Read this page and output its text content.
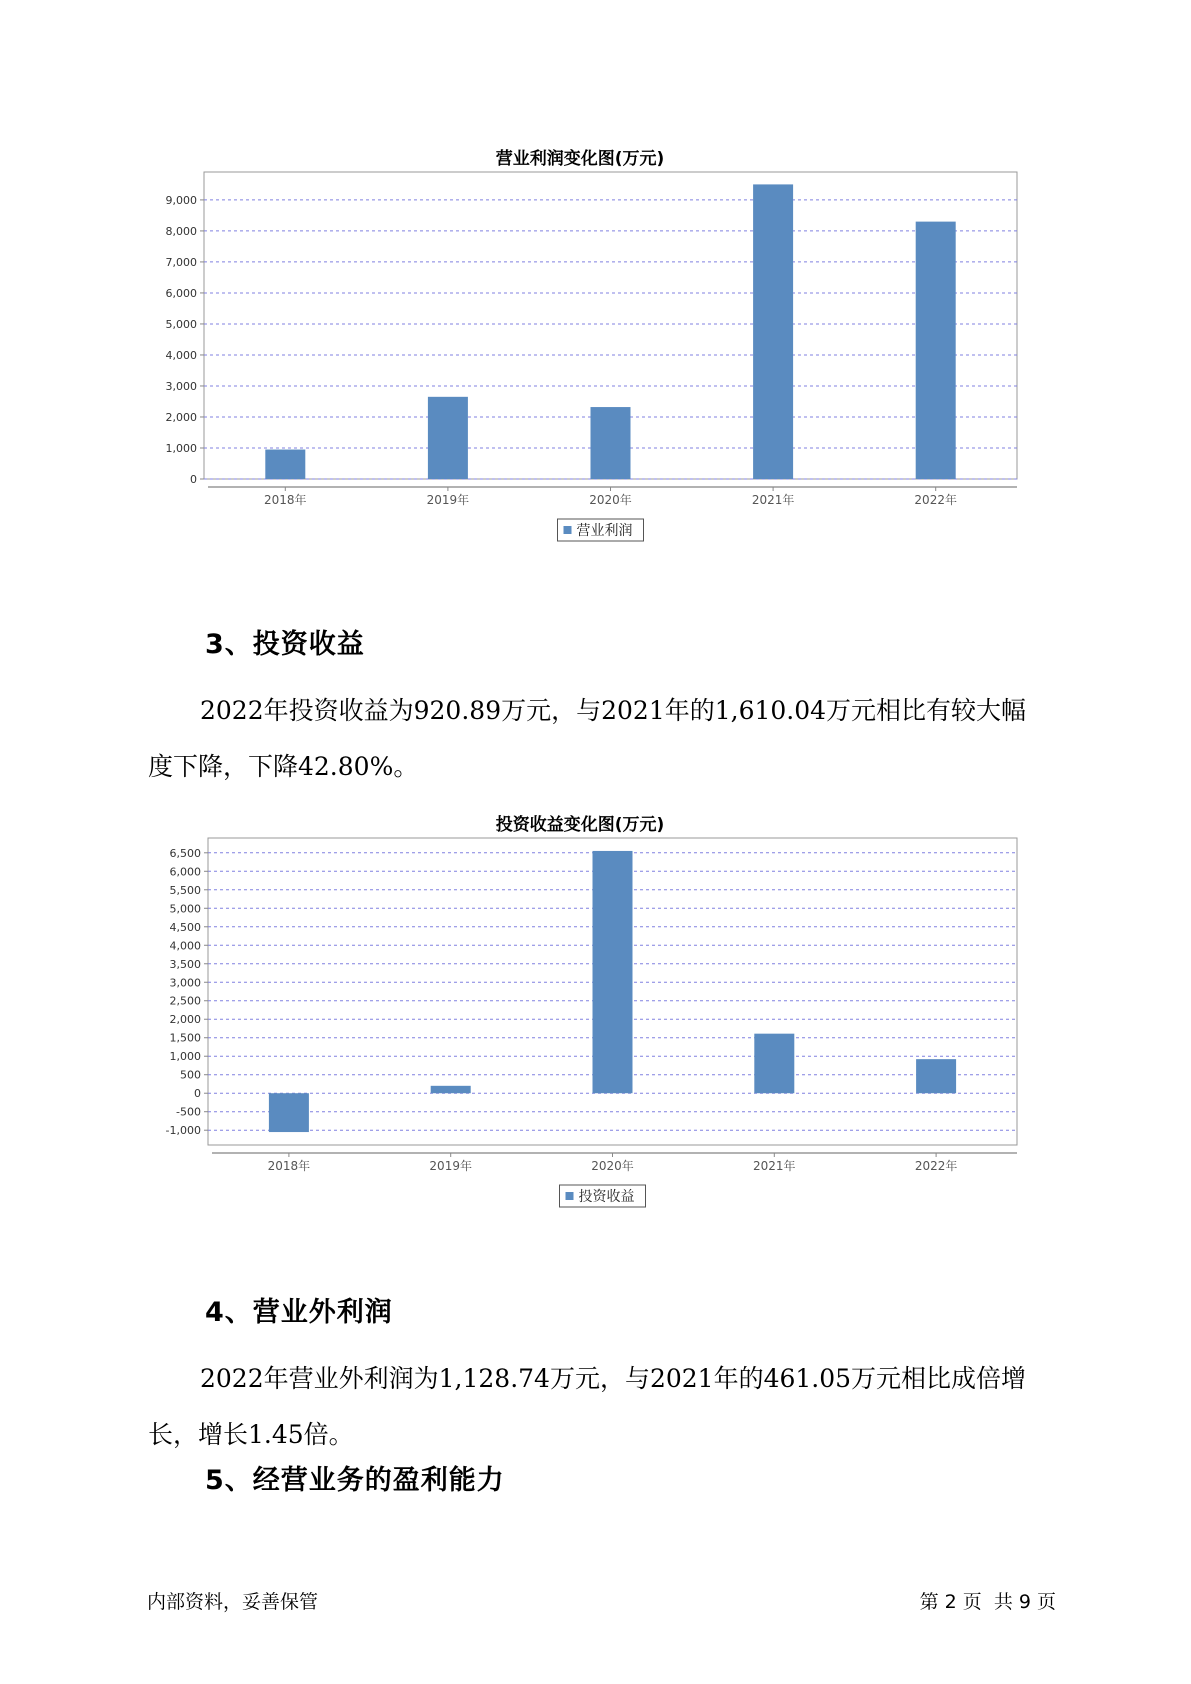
营业利润变化图(万元)
0
1,000
2,000
3,000
4,000
5,000
6,000
7,000
8,000
9,000
2018年	2019年	2020年	2021年	2022年
营业利润
3、投资收益
2022年投资收益为920.89万元，与2021年的1,610.04万元相比有较大幅度下降，下降42.80%。
投资收益变化图(万元)
-1,000
-500
0
500
1,000
1,500
2,000
2,500
3,000
3,500
4,000
4,500
5,000
5,500
6,000
6,500
2018年	2019年	2020年	2021年	2022年
投资收益
4、营业外利润
2022年营业外利润为1,128.74万元，与2021年的461.05万元相比成倍增长，增长1.45倍。
5、经营业务的盈利能力
内部资料，妥善保管	第 2 页  共 9 页
